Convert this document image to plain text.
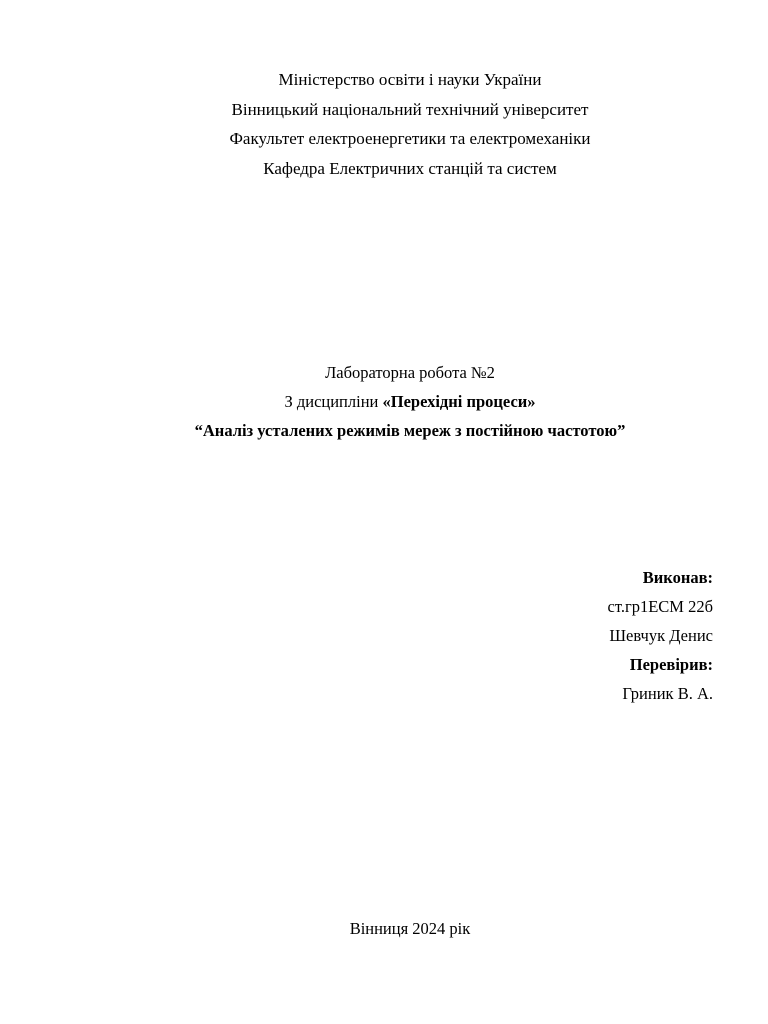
Міністерство освіти і науки України
Вінницький національний технічний університет
Факультет електроенергетики та електромеханіки
Кафедра Електричних станцій та систем
Лабораторна робота №2
З дисципліни «Перехідні процеси»
“Аналіз усталених режимів мереж з постійною частотою”
Виконав:
ст.гр1ЕСМ 22б
Шевчук Денис
Перевірив:
Гриник В. А.
Вінниця 2024 рік
